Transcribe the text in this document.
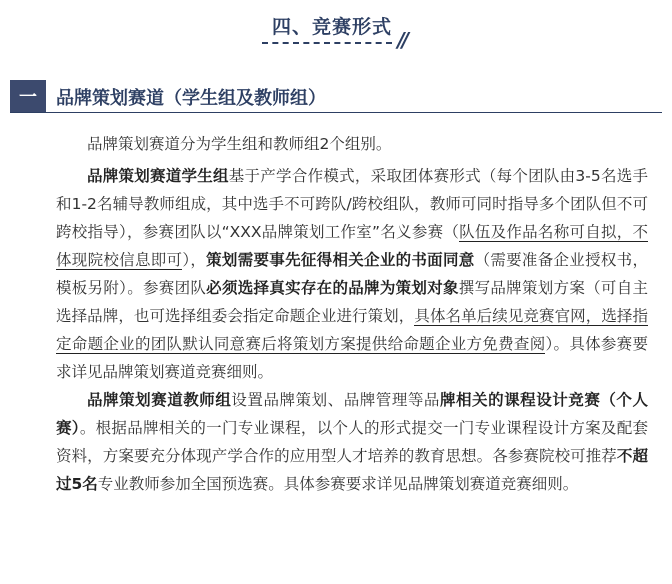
四、竞赛形式
//
一	品牌策划赛道（学生组及教师组）

品牌策划赛道分为学生组和教师组2个组别。

品牌策划赛道学生组基于产学合作模式，采取团体赛形式（每个团队由3-5名选手和1-2名辅导教师组成，其中选手不可跨队/跨校组队，教师可同时指导多个团队但不可跨校指导），参赛团队以“XXX品牌策划工作室”名义参赛（队伍及作品名称可自拟，不体现院校信息即可），策划需要事先征得相关企业的书面同意（需要准备企业授权书，模板另附）。参赛团队必须选择真实存在的品牌为策划对象撰写品牌策划方案（可自主选择品牌，也可选择组委会指定命题企业进行策划，具体名单后续见竞赛官网，选择指定命题企业的团队默认同意赛后将策划方案提供给命题企业方免费查阅）。具体参赛要求详见品牌策划赛道竞赛细则。

品牌策划赛道教师组设置品牌策划、品牌管理等品牌相关的课程设计竞赛（个人赛）。根据品牌相关的一门专业课程，以个人的形式提交一门专业课程设计方案及配套资料，方案要充分体现产学合作的应用型人才培养的教育思想。各参赛院校可推荐不超过5名专业教师参加全国预选赛。具体参赛要求详见品牌策划赛道竞赛细则。
